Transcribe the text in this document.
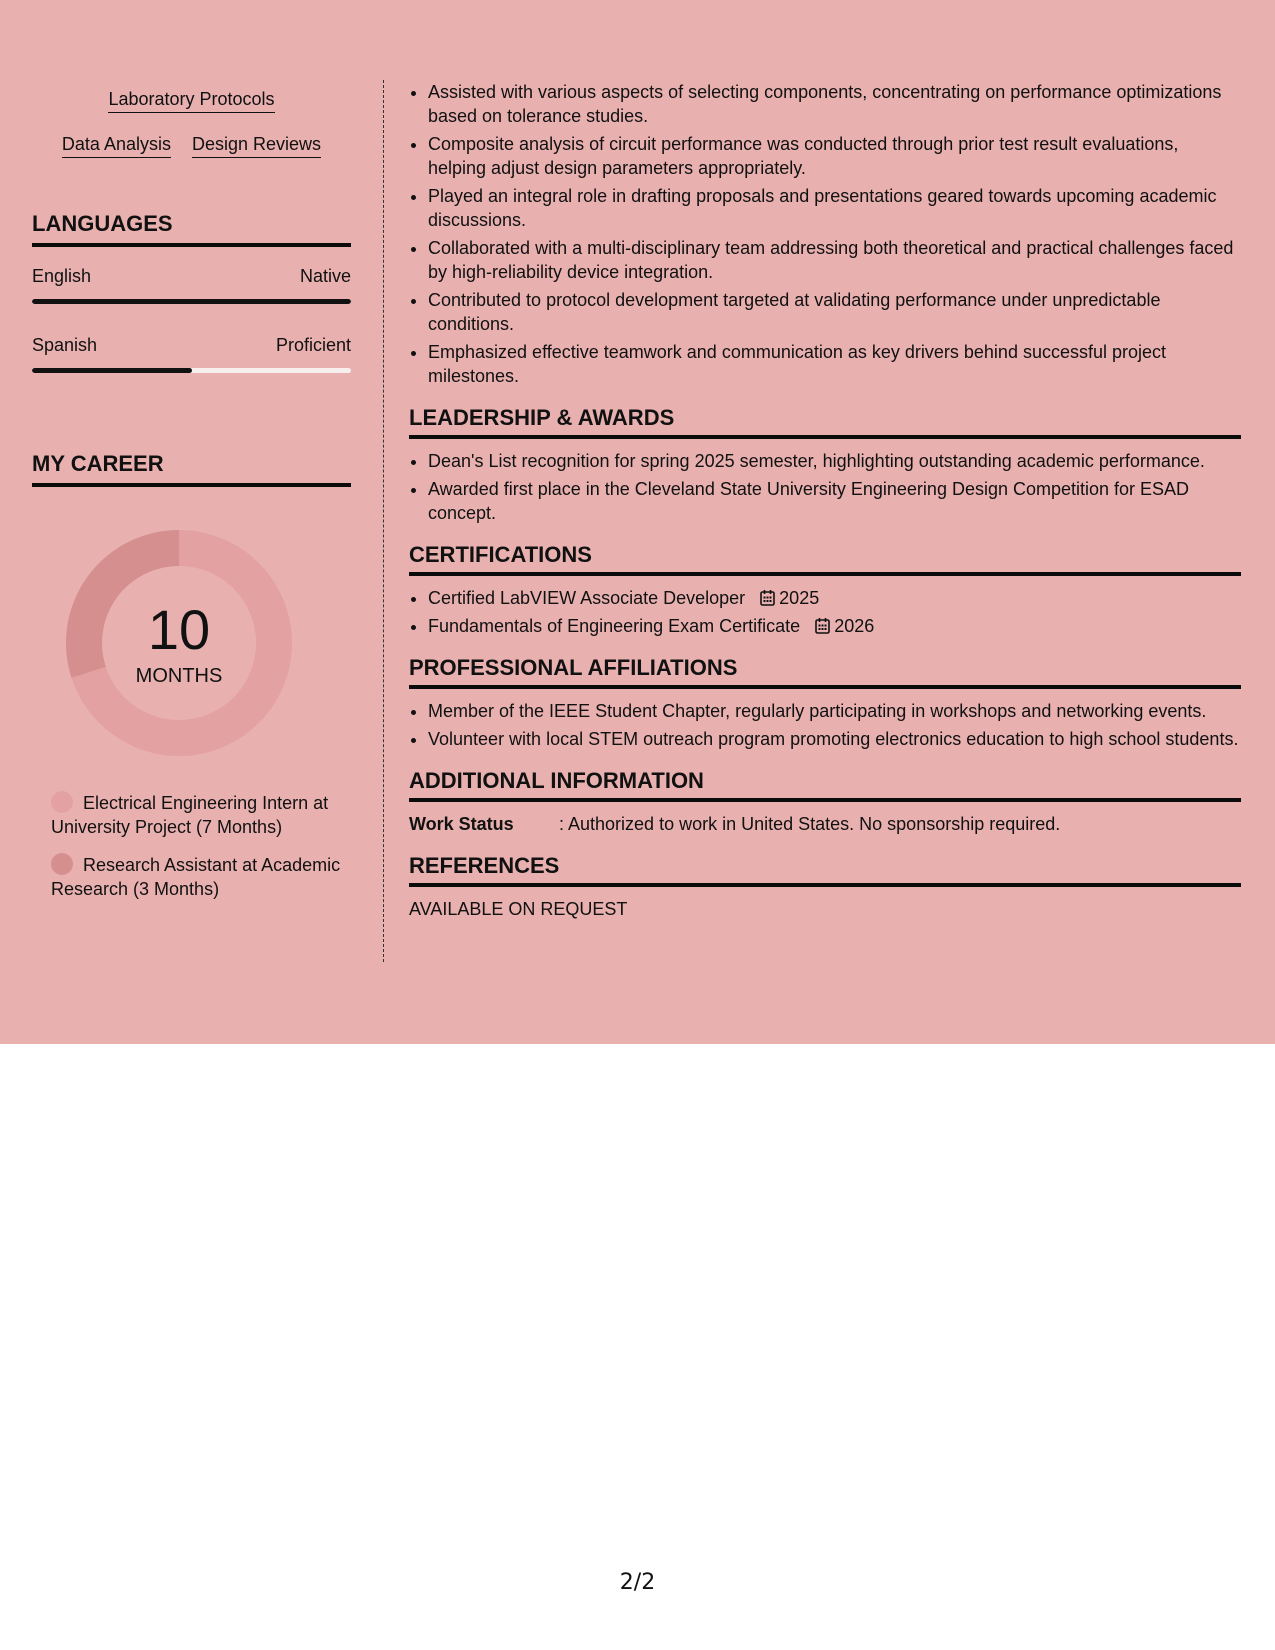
Laboratory Protocols
Data Analysis Design Reviews
LANGUAGES
English	Native
Spanish	Proficient
MY CAREER
10
MONTHS
Electrical Engineering Intern at University Project (7 Months)
Research Assistant at Academic Research (3 Months)
• Assisted with various aspects of selecting components, concentrating on performance optimizations based on tolerance studies.
• Composite analysis of circuit performance was conducted through prior test result evaluations, helping adjust design parameters appropriately.
• Played an integral role in drafting proposals and presentations geared towards upcoming academic discussions.
• Collaborated with a multi-disciplinary team addressing both theoretical and practical challenges faced by high-reliability device integration.
• Contributed to protocol development targeted at validating performance under unpredictable conditions.
• Emphasized effective teamwork and communication as key drivers behind successful project milestones.
LEADERSHIP & AWARDS
• Dean's List recognition for spring 2025 semester, highlighting outstanding academic performance.
• Awarded first place in the Cleveland State University Engineering Design Competition for ESAD concept.
CERTIFICATIONS
• Certified LabVIEW Associate Developer 2025
• Fundamentals of Engineering Exam Certificate 2026
PROFESSIONAL AFFILIATIONS
• Member of the IEEE Student Chapter, regularly participating in workshops and networking events.
• Volunteer with local STEM outreach program promoting electronics education to high school students.
ADDITIONAL INFORMATION
Work Status	: Authorized to work in United States. No sponsorship required.
REFERENCES
AVAILABLE ON REQUEST
2/2
